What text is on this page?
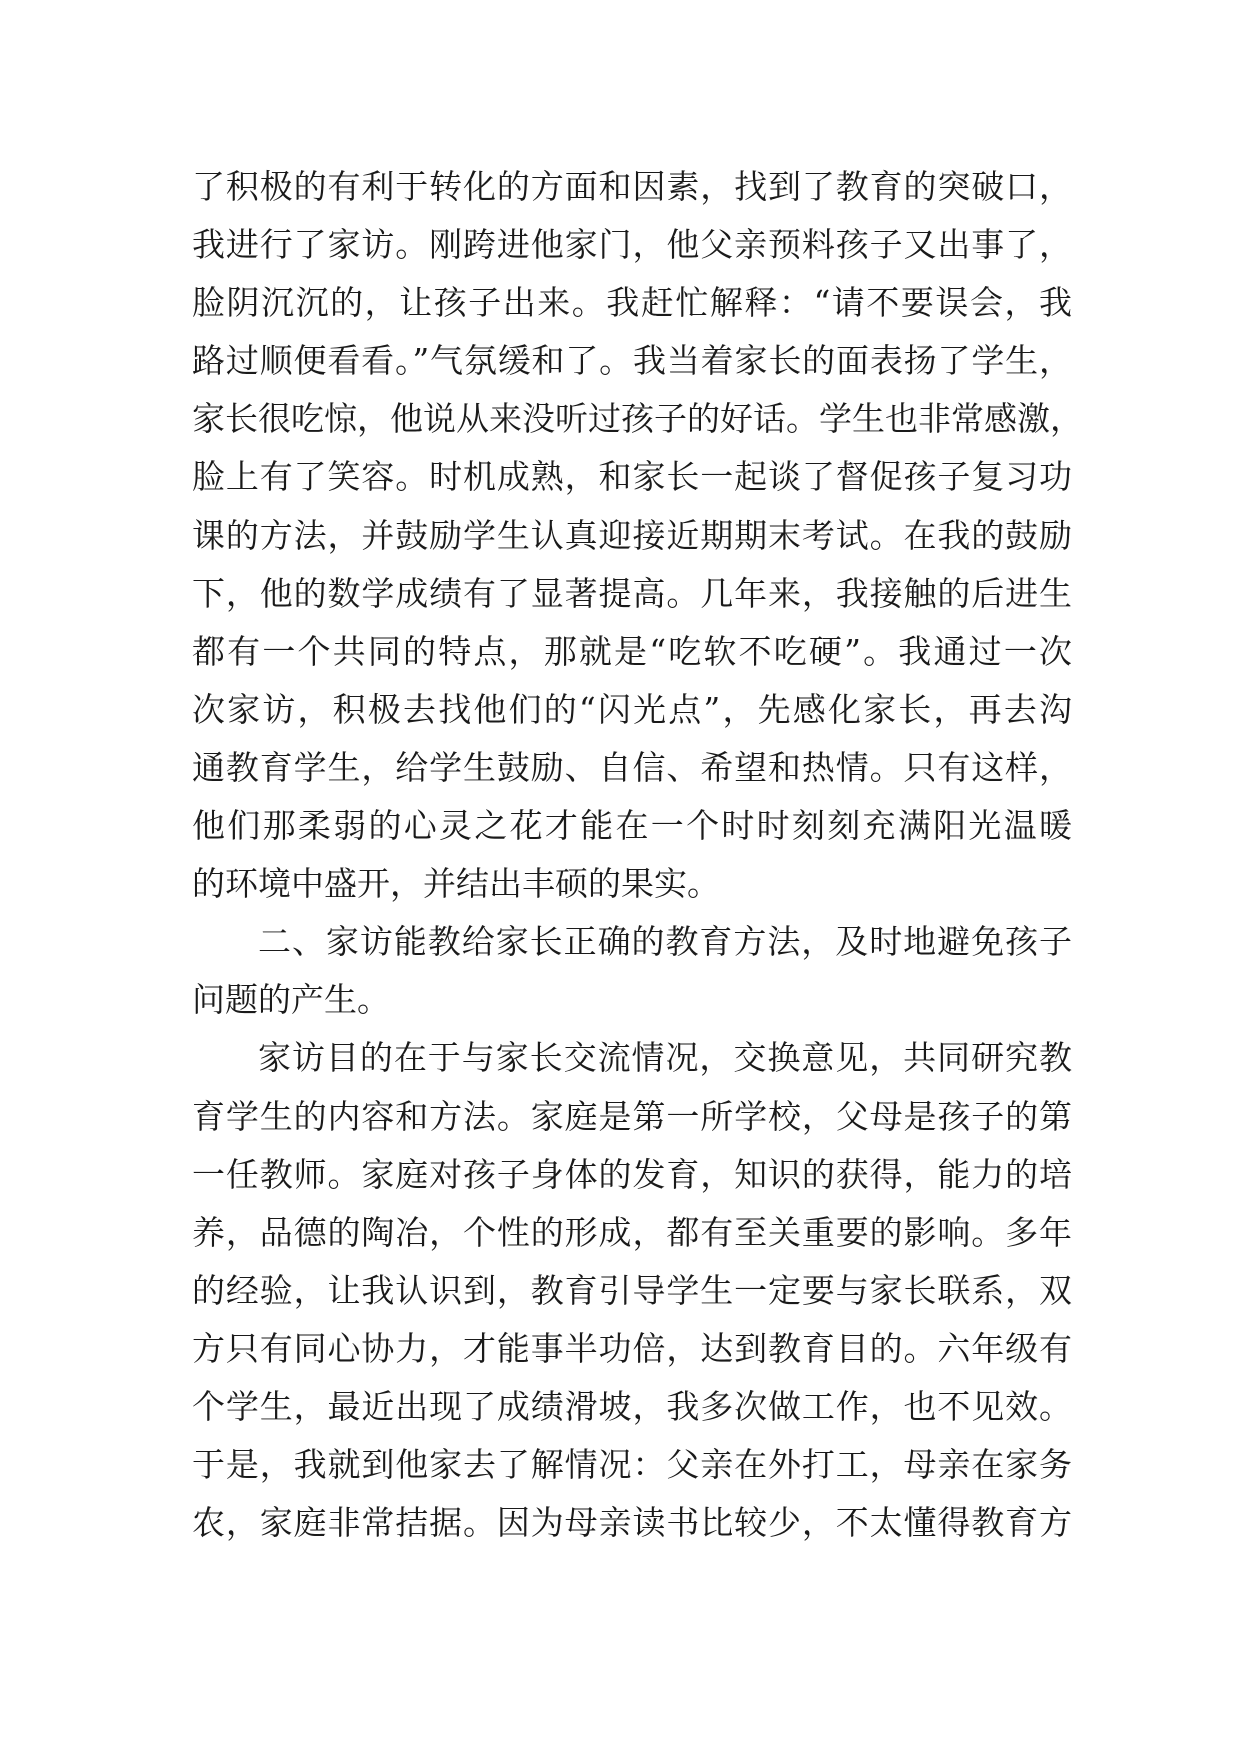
了积极的有利于转化的方面和因素，找到了教育的突破口，
我进行了家访。刚跨进他家门，他父亲预料孩子又出事了，
脸阴沉沉的，让孩子出来。我赶忙解释：“请不要误会，我
路过顺便看看。”气氛缓和了。我当着家长的面表扬了学生，
家长很吃惊，他说从来没听过孩子的好话。学生也非常感激，
脸上有了笑容。时机成熟，和家长一起谈了督促孩子复习功
课的方法，并鼓励学生认真迎接近期期末考试。在我的鼓励
下，他的数学成绩有了显著提高。几年来，我接触的后进生
都有一个共同的特点，那就是“吃软不吃硬”。我通过一次
次家访，积极去找他们的“闪光点”，先感化家长，再去沟
通教育学生，给学生鼓励、自信、希望和热情。只有这样，
他们那柔弱的心灵之花才能在一个时时刻刻充满阳光温暖
的环境中盛开，并结出丰硕的果实。
二、家访能教给家长正确的教育方法，及时地避免孩子
问题的产生。
家访目的在于与家长交流情况，交换意见，共同研究教
育学生的内容和方法。家庭是第一所学校，父母是孩子的第
一任教师。家庭对孩子身体的发育，知识的获得，能力的培
养，品德的陶冶，个性的形成，都有至关重要的影响。多年
的经验，让我认识到，教育引导学生一定要与家长联系，双
方只有同心协力，才能事半功倍，达到教育目的。六年级有
个学生，最近出现了成绩滑坡，我多次做工作，也不见效。
于是，我就到他家去了解情况：父亲在外打工，母亲在家务
农，家庭非常拮据。因为母亲读书比较少，不太懂得教育方
